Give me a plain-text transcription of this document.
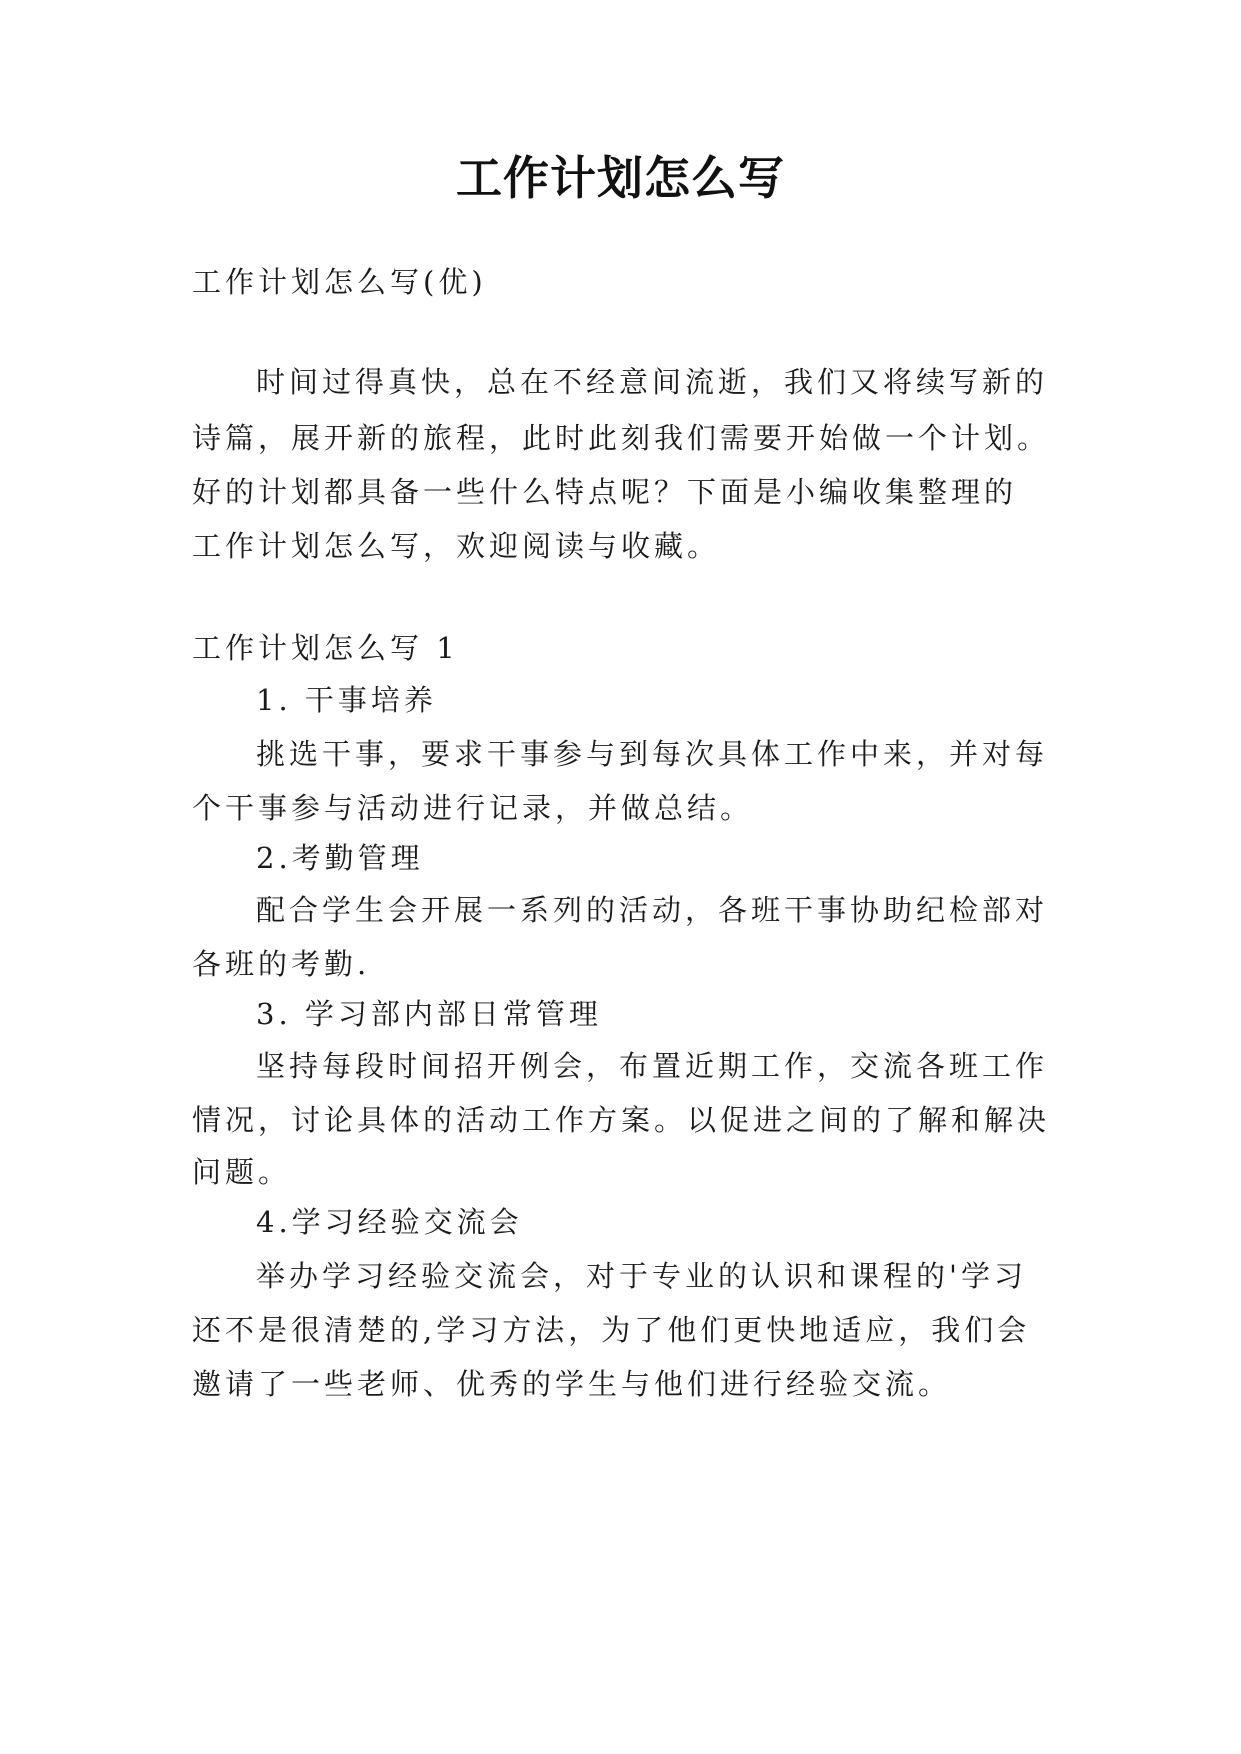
工作计划怎么写

工作计划怎么写(优)

时间过得真快，总在不经意间流逝，我们又将续写新的

诗篇，展开新的旅程，此时此刻我们需要开始做一个计划。

好的计划都具备一些什么特点呢？下面是小编收集整理的

工作计划怎么写，欢迎阅读与收藏。

工作计划怎么写 1

1. 干事培养

挑选干事，要求干事参与到每次具体工作中来，并对每

个干事参与活动进行记录，并做总结。

2.考勤管理

配合学生会开展一系列的活动，各班干事协助纪检部对

各班的考勤.

3. 学习部内部日常管理

坚持每段时间招开例会，布置近期工作，交流各班工作

情况，讨论具体的活动工作方案。以促进之间的了解和解决

问题。

4.学习经验交流会

举办学习经验交流会，对于专业的认识和课程的'学习

还不是很清楚的,学习方法，为了他们更快地适应，我们会

邀请了一些老师、优秀的学生与他们进行经验交流。
